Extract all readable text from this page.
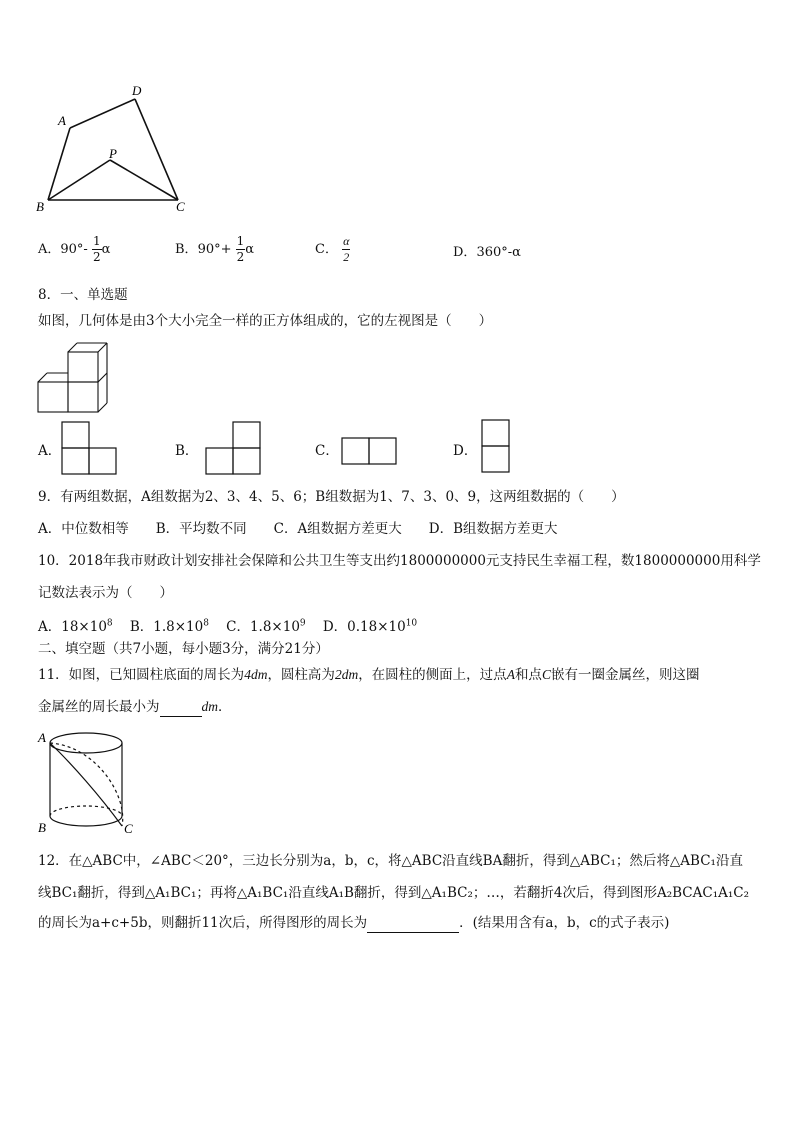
D
A
P
B	C
A．$90^\circ- \frac{1}{2}$ α	B．$90^\circ+ \frac{1}{2}$ α	C． $\frac{\alpha}{2}$	D．360°-α
8．一、单选题
如图，几何体是由3个大小完全一样的正方体组成的，它的左视图是（　　）
A．	B．	C．	D．
9．有两组数据，A组数据为2、3、4、5、6；B组数据为1、7、3、0、9，这两组数据的（　　）
A．中位数相等　　B．平均数不同　　C．A组数据方差更大　　D．B组数据方差更大
10．2018年我市财政计划安排社会保障和公共卫生等支出约1800000000元支持民生幸福工程，数1800000000用科学
记数法表示为（　　）
A．$18\times 10^8$ B．$1.8\times 10^8$ C．$1.8\times 10^9$ D．$0.18\times 10^{10}$
二、填空题（共7小题，每小题3分，满分21分）
11．如图，已知圆柱底面的周长为4dm，圆柱高为2dm，在圆柱的侧面上，过点A和点C嵌有一圈金属丝，则这圈
金属丝的周长最小为	dm．
A
B	C
12．在△ABC中，∠ABC＜20°，三边长分别为a，b，c，将△ABC沿直线BA翻折，得到△ABC₁；然后将△ABC₁沿直
线BC₁翻折，得到△A₁BC₁；再将△A₁BC₁沿直线A₁B翻折，得到△A₁BC₂；…，若翻折4次后，得到图形A₂BCAC₁A₁C₂
的周长为a+c+5b，则翻折11次后，所得图形的周长为	．(结果用含有a，b，c的式子表示)
